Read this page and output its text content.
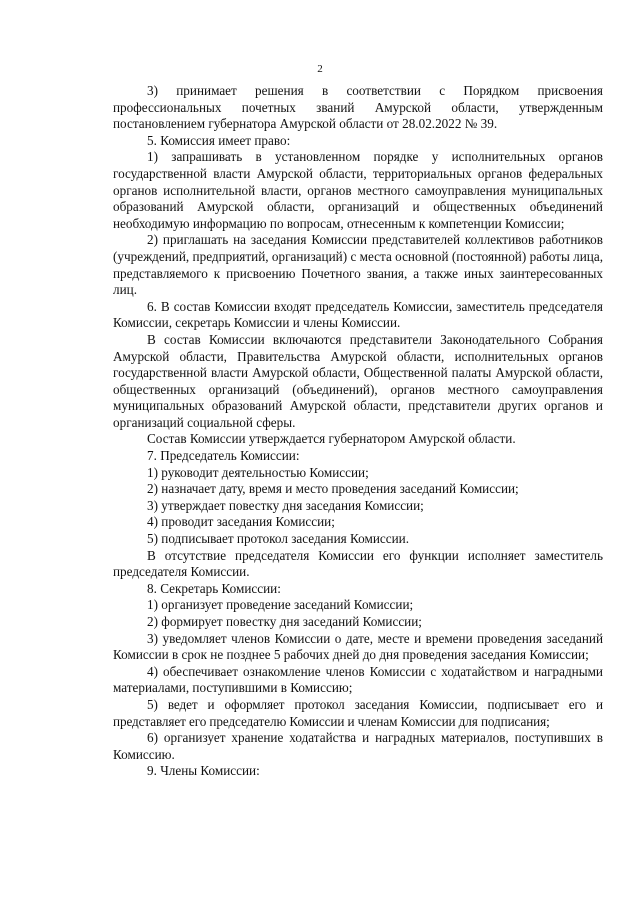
2

3) принимает решения в соответствии с Порядком присвоения профессиональных почетных званий Амурской области, утвержденным постановлением губернатора Амурской области от 28.02.2022 № 39.

5. Комиссия имеет право:

1) запрашивать в установленном порядке у исполнительных органов государственной власти Амурской области, территориальных органов федеральных органов исполнительной власти, органов местного самоуправления муниципальных образований Амурской области, организаций и общественных объединений необходимую информацию по вопросам, отнесенным к компетенции Комиссии;

2) приглашать на заседания Комиссии представителей коллективов работников (учреждений, предприятий, организаций) с места основной (постоянной) работы лица, представляемого к присвоению Почетного звания, а также иных заинтересованных лиц.

6. В состав Комиссии входят председатель Комиссии, заместитель председателя Комиссии, секретарь Комиссии и члены Комиссии.

В состав Комиссии включаются представители Законодательного Собрания Амурской области, Правительства Амурской области, исполнительных органов государственной власти Амурской области, Общественной палаты Амурской области, общественных организаций (объединений), органов местного самоуправления муниципальных образований Амурской области, представители других органов и организаций социальной сферы.

Состав Комиссии утверждается губернатором Амурской области.

7. Председатель Комиссии:

1) руководит деятельностью Комиссии;

2) назначает дату, время и место проведения заседаний Комиссии;

3) утверждает повестку дня заседания Комиссии;

4) проводит заседания Комиссии;

5) подписывает протокол заседания Комиссии.

В отсутствие председателя Комиссии его функции исполняет заместитель председателя Комиссии.

8. Секретарь Комиссии:

1) организует проведение заседаний Комиссии;

2) формирует повестку дня заседаний Комиссии;

3) уведомляет членов Комиссии о дате, месте и времени проведения заседаний Комиссии в срок не позднее 5 рабочих дней до дня проведения заседания Комиссии;

4) обеспечивает ознакомление членов Комиссии с ходатайством и наградными материалами, поступившими в Комиссию;

5) ведет и оформляет протокол заседания Комиссии, подписывает его и представляет его председателю Комиссии и членам Комиссии для подписания;

6) организует хранение ходатайства и наградных материалов, поступивших в Комиссию.

9. Члены Комиссии:
